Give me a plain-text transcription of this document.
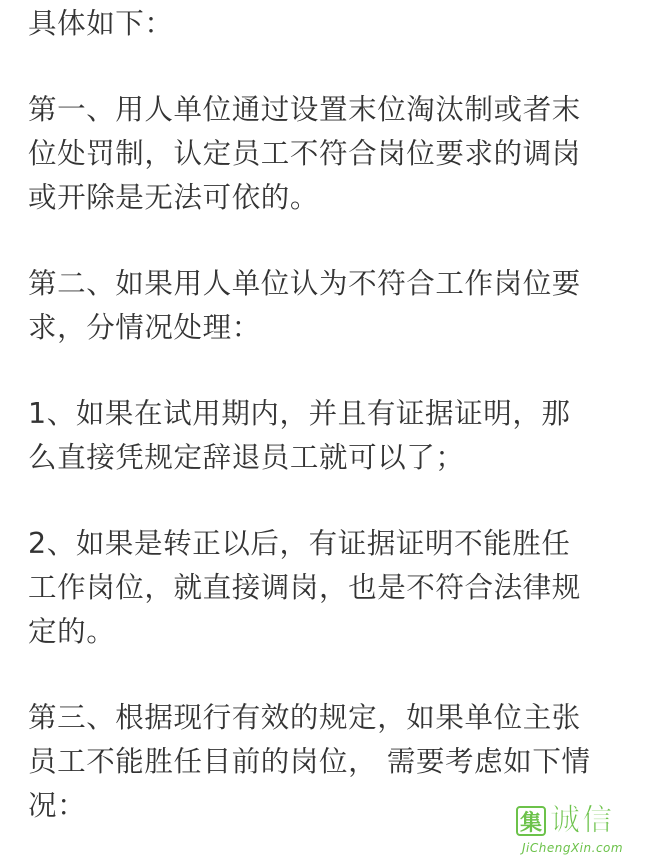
具体如下：

第一、用人单位通过设置末位淘汰制或者末
位处罚制，认定员工不符合岗位要求的调岗
或开除是无法可依的。

第二、如果用人单位认为不符合工作岗位要
求，分情况处理：

1、如果在试用期内，并且有证据证明，那
么直接凭规定辞退员工就可以了；

2、如果是转正以后，有证据证明不能胜任
工作岗位，就直接调岗，也是不符合法律规
定的。

第三、根据现行有效的规定，如果单位主张
员工不能胜任目前的岗位， 需要考虑如下情
况：

集 诚信
JiChengXin.com
